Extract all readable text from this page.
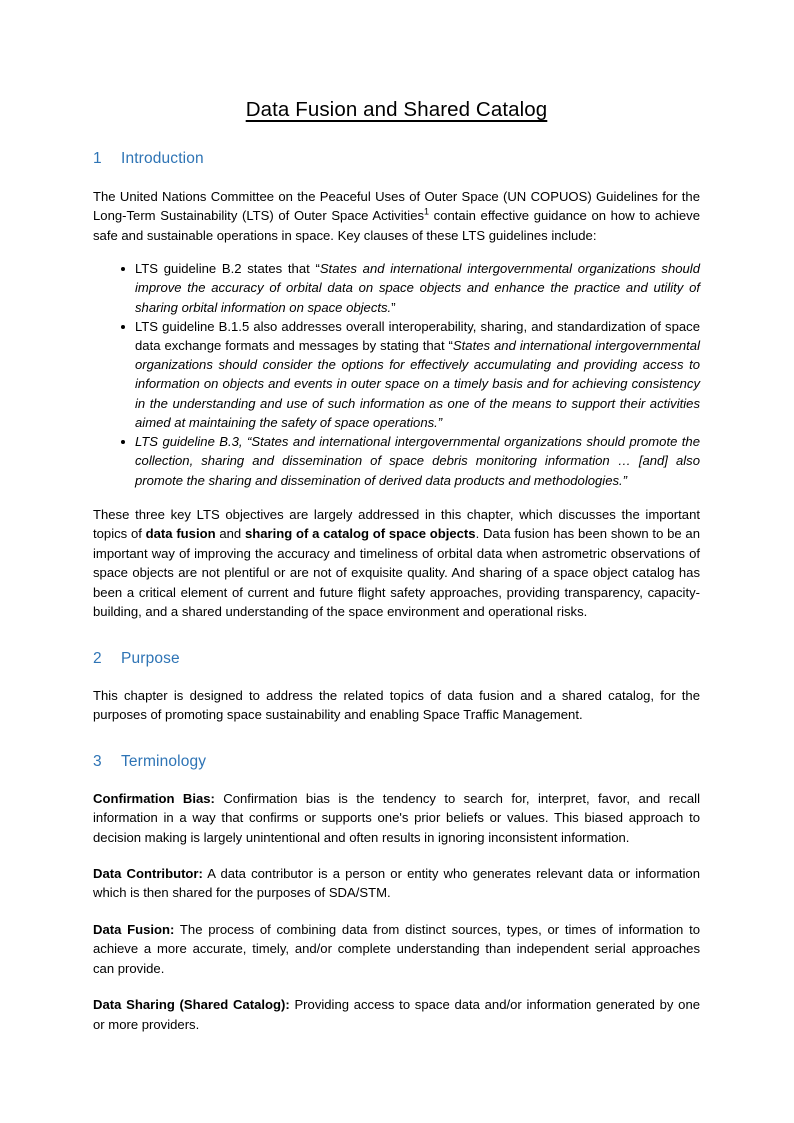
Data Fusion and Shared Catalog
1	Introduction

The United Nations Committee on the Peaceful Uses of Outer Space (UN COPUOS) Guidelines for the Long-Term Sustainability (LTS) of Outer Space Activities$^1$ contain effective guidance on how to achieve safe and sustainable operations in space. Key clauses of these LTS guidelines include:

LTS guideline B.2 states that “States and international intergovernmental organizations should improve the accuracy of orbital data on space objects and enhance the practice and utility of sharing orbital information on space objects.”
LTS guideline B.1.5 also addresses overall interoperability, sharing, and standardization of space data exchange formats and messages by stating that “States and international intergovernmental organizations should consider the options for effectively accumulating and providing access to information on objects and events in outer space on a timely basis and for achieving consistency in the understanding and use of such information as one of the means to support their activities aimed at maintaining the safety of space operations.”
LTS guideline B.3, “States and international intergovernmental organizations should promote the collection, sharing and dissemination of space debris monitoring information … [and] also promote the sharing and dissemination of derived data products and methodologies.”

These three key LTS objectives are largely addressed in this chapter, which discusses the important topics of data fusion and sharing of a catalog of space objects. Data fusion has been shown to be an important way of improving the accuracy and timeliness of orbital data when astrometric observations of space objects are not plentiful or are not of exquisite quality. And sharing of a space object catalog has been a critical element of current and future flight safety approaches, providing transparency, capacity-building, and a shared understanding of the space environment and operational risks.

2	Purpose

This chapter is designed to address the related topics of data fusion and a shared catalog, for the purposes of promoting space sustainability and enabling Space Traffic Management.

3	Terminology

Confirmation Bias: Confirmation bias is the tendency to search for, interpret, favor, and recall information in a way that confirms or supports one's prior beliefs or values. This biased approach to decision making is largely unintentional and often results in ignoring inconsistent information.

Data Contributor: A data contributor is a person or entity who generates relevant data or information which is then shared for the purposes of SDA/STM.

Data Fusion: The process of combining data from distinct sources, types, or times of information to achieve a more accurate, timely, and/or complete understanding than independent serial approaches can provide.

Data Sharing (Shared Catalog): Providing access to space data and/or information generated by one or more providers.
